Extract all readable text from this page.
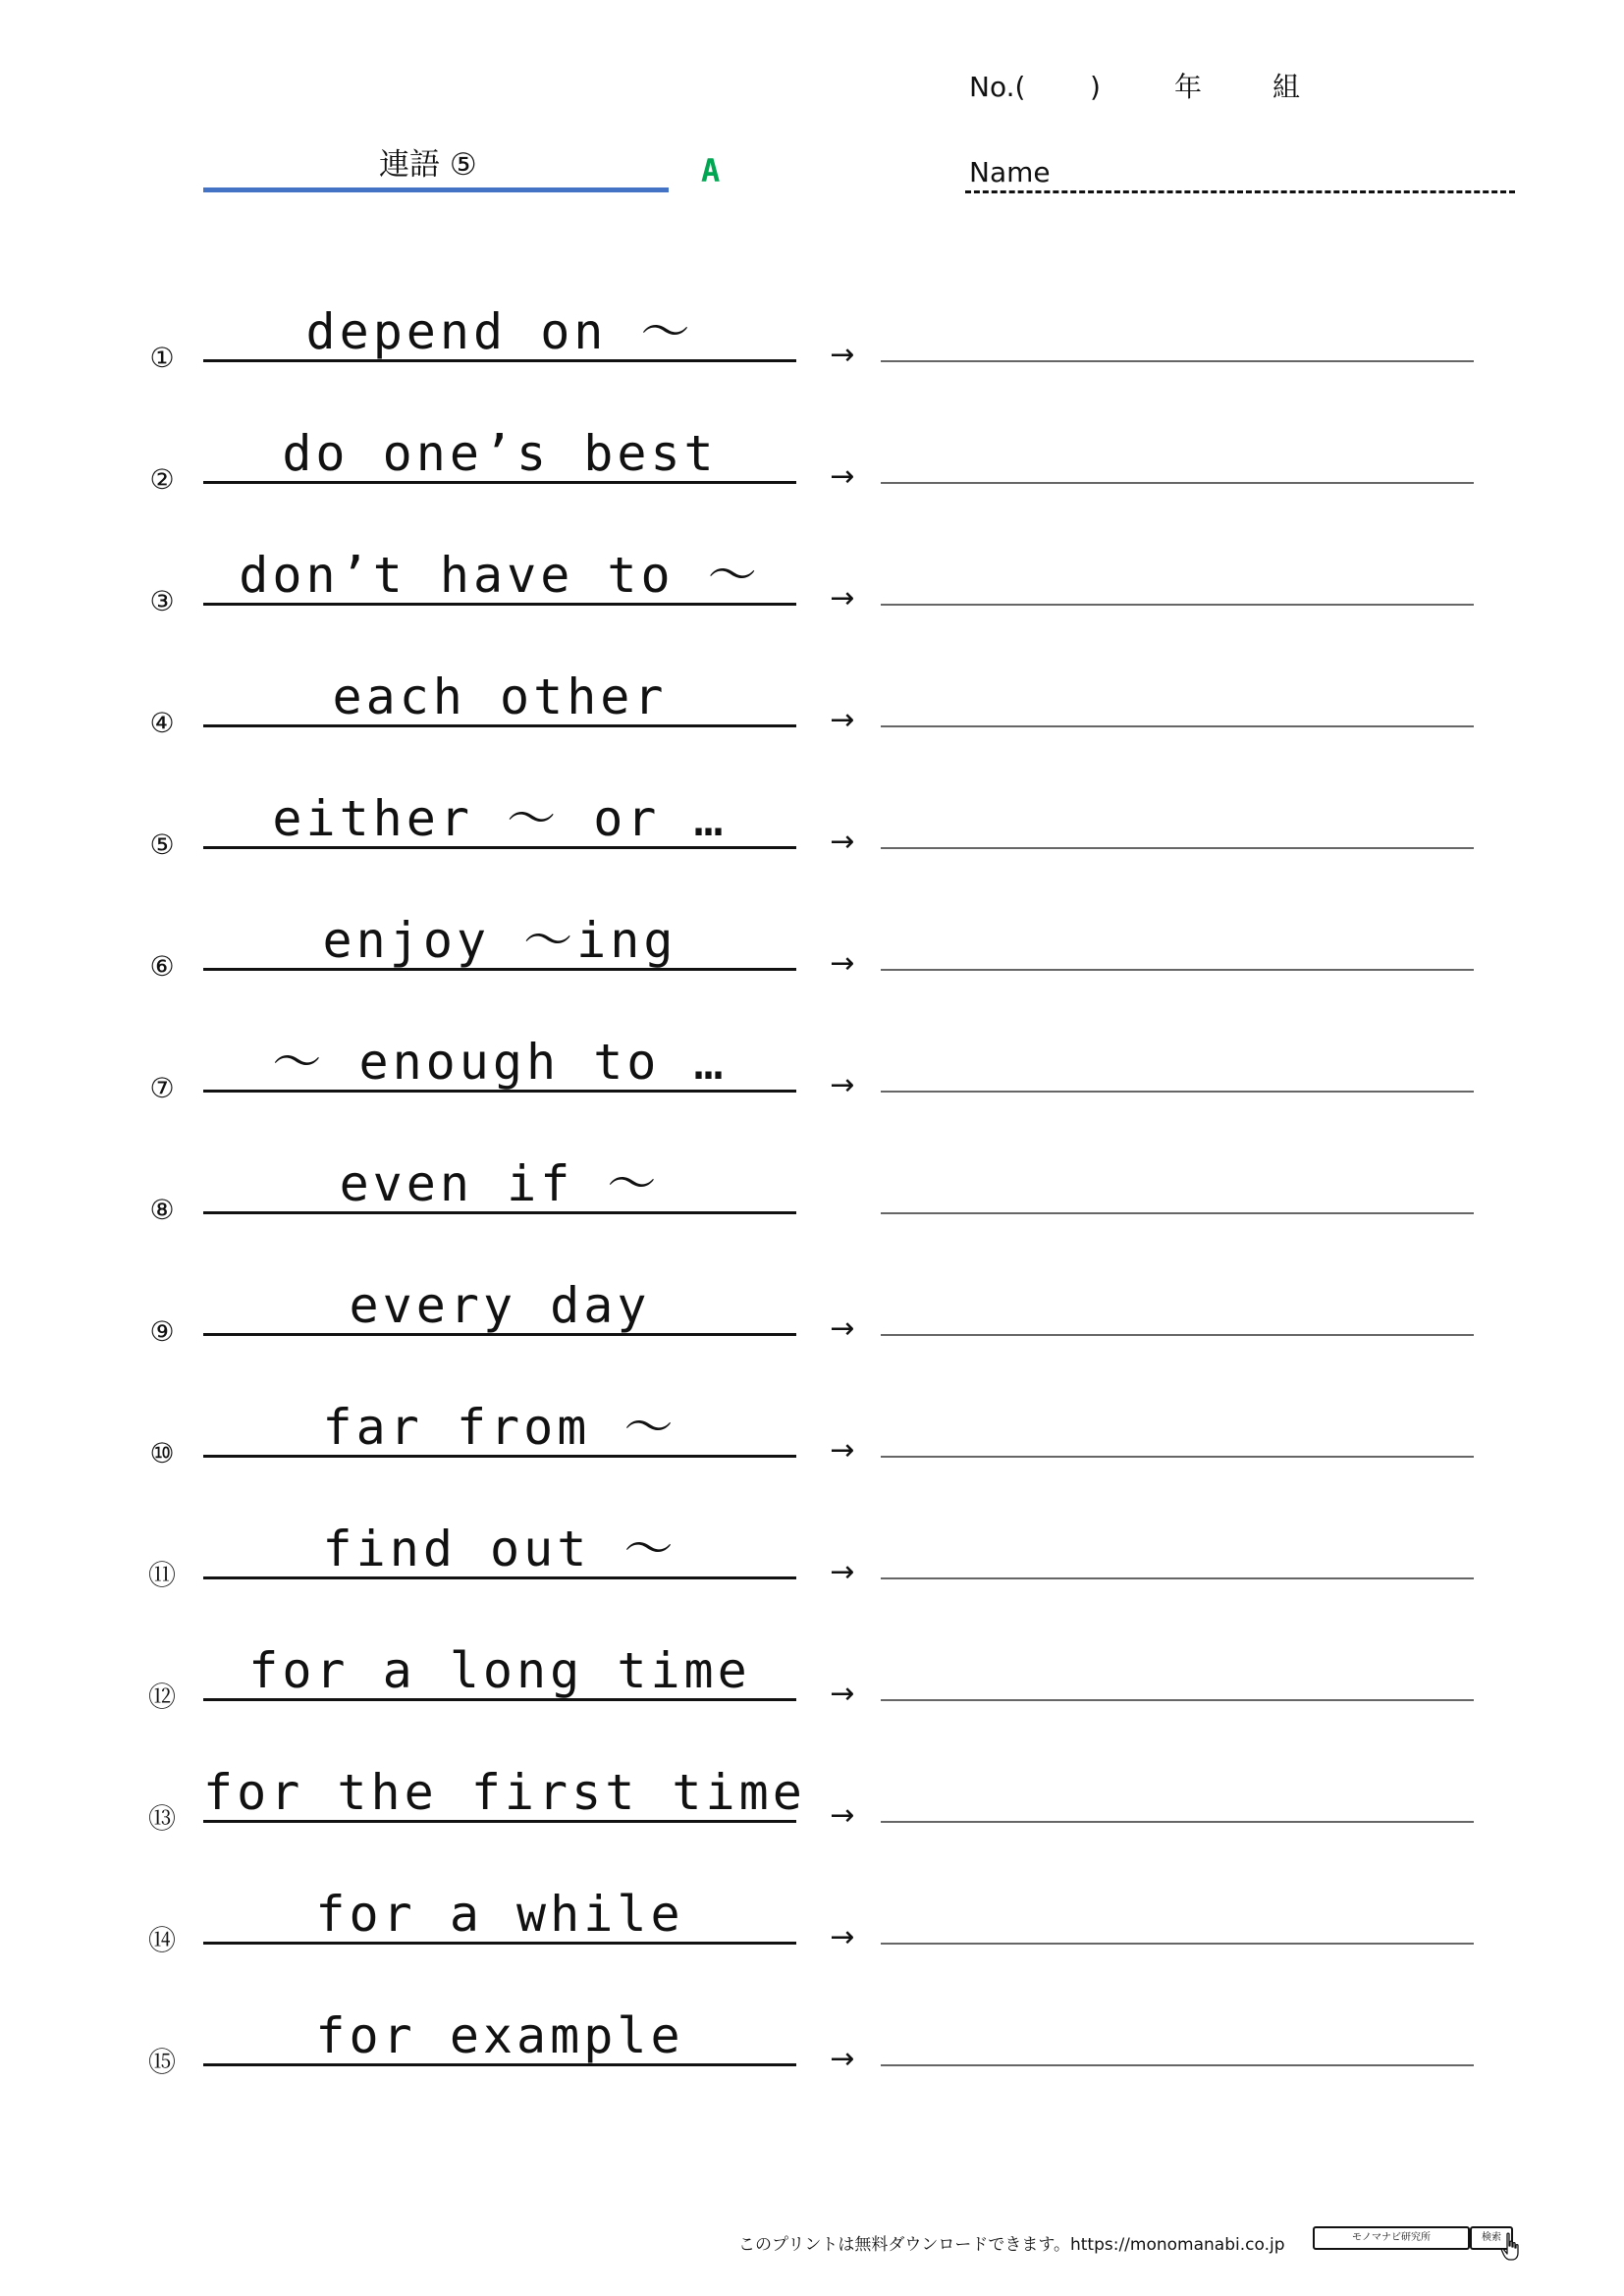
No.( )	年	組
連語 ⑤	A	Name
①	depend on ～	→
②	do one’s best	→
③	don’t have to ～	→
④	each other	→
⑤	either ～ or …	→
⑥	enjoy ～ing	→
⑦	～ enough to …	→
⑧	even if ～
⑨	every day	→
⑩	far from ～	→
⑪	find out ～	→
⑫	for a long time	→
⑬ for the first time →
⑭	for a while	→
⑮	for example	→
このプリントは無料ダウンロードできます。https://monomanabi.co.jp	モノマナビ研究所	検索
